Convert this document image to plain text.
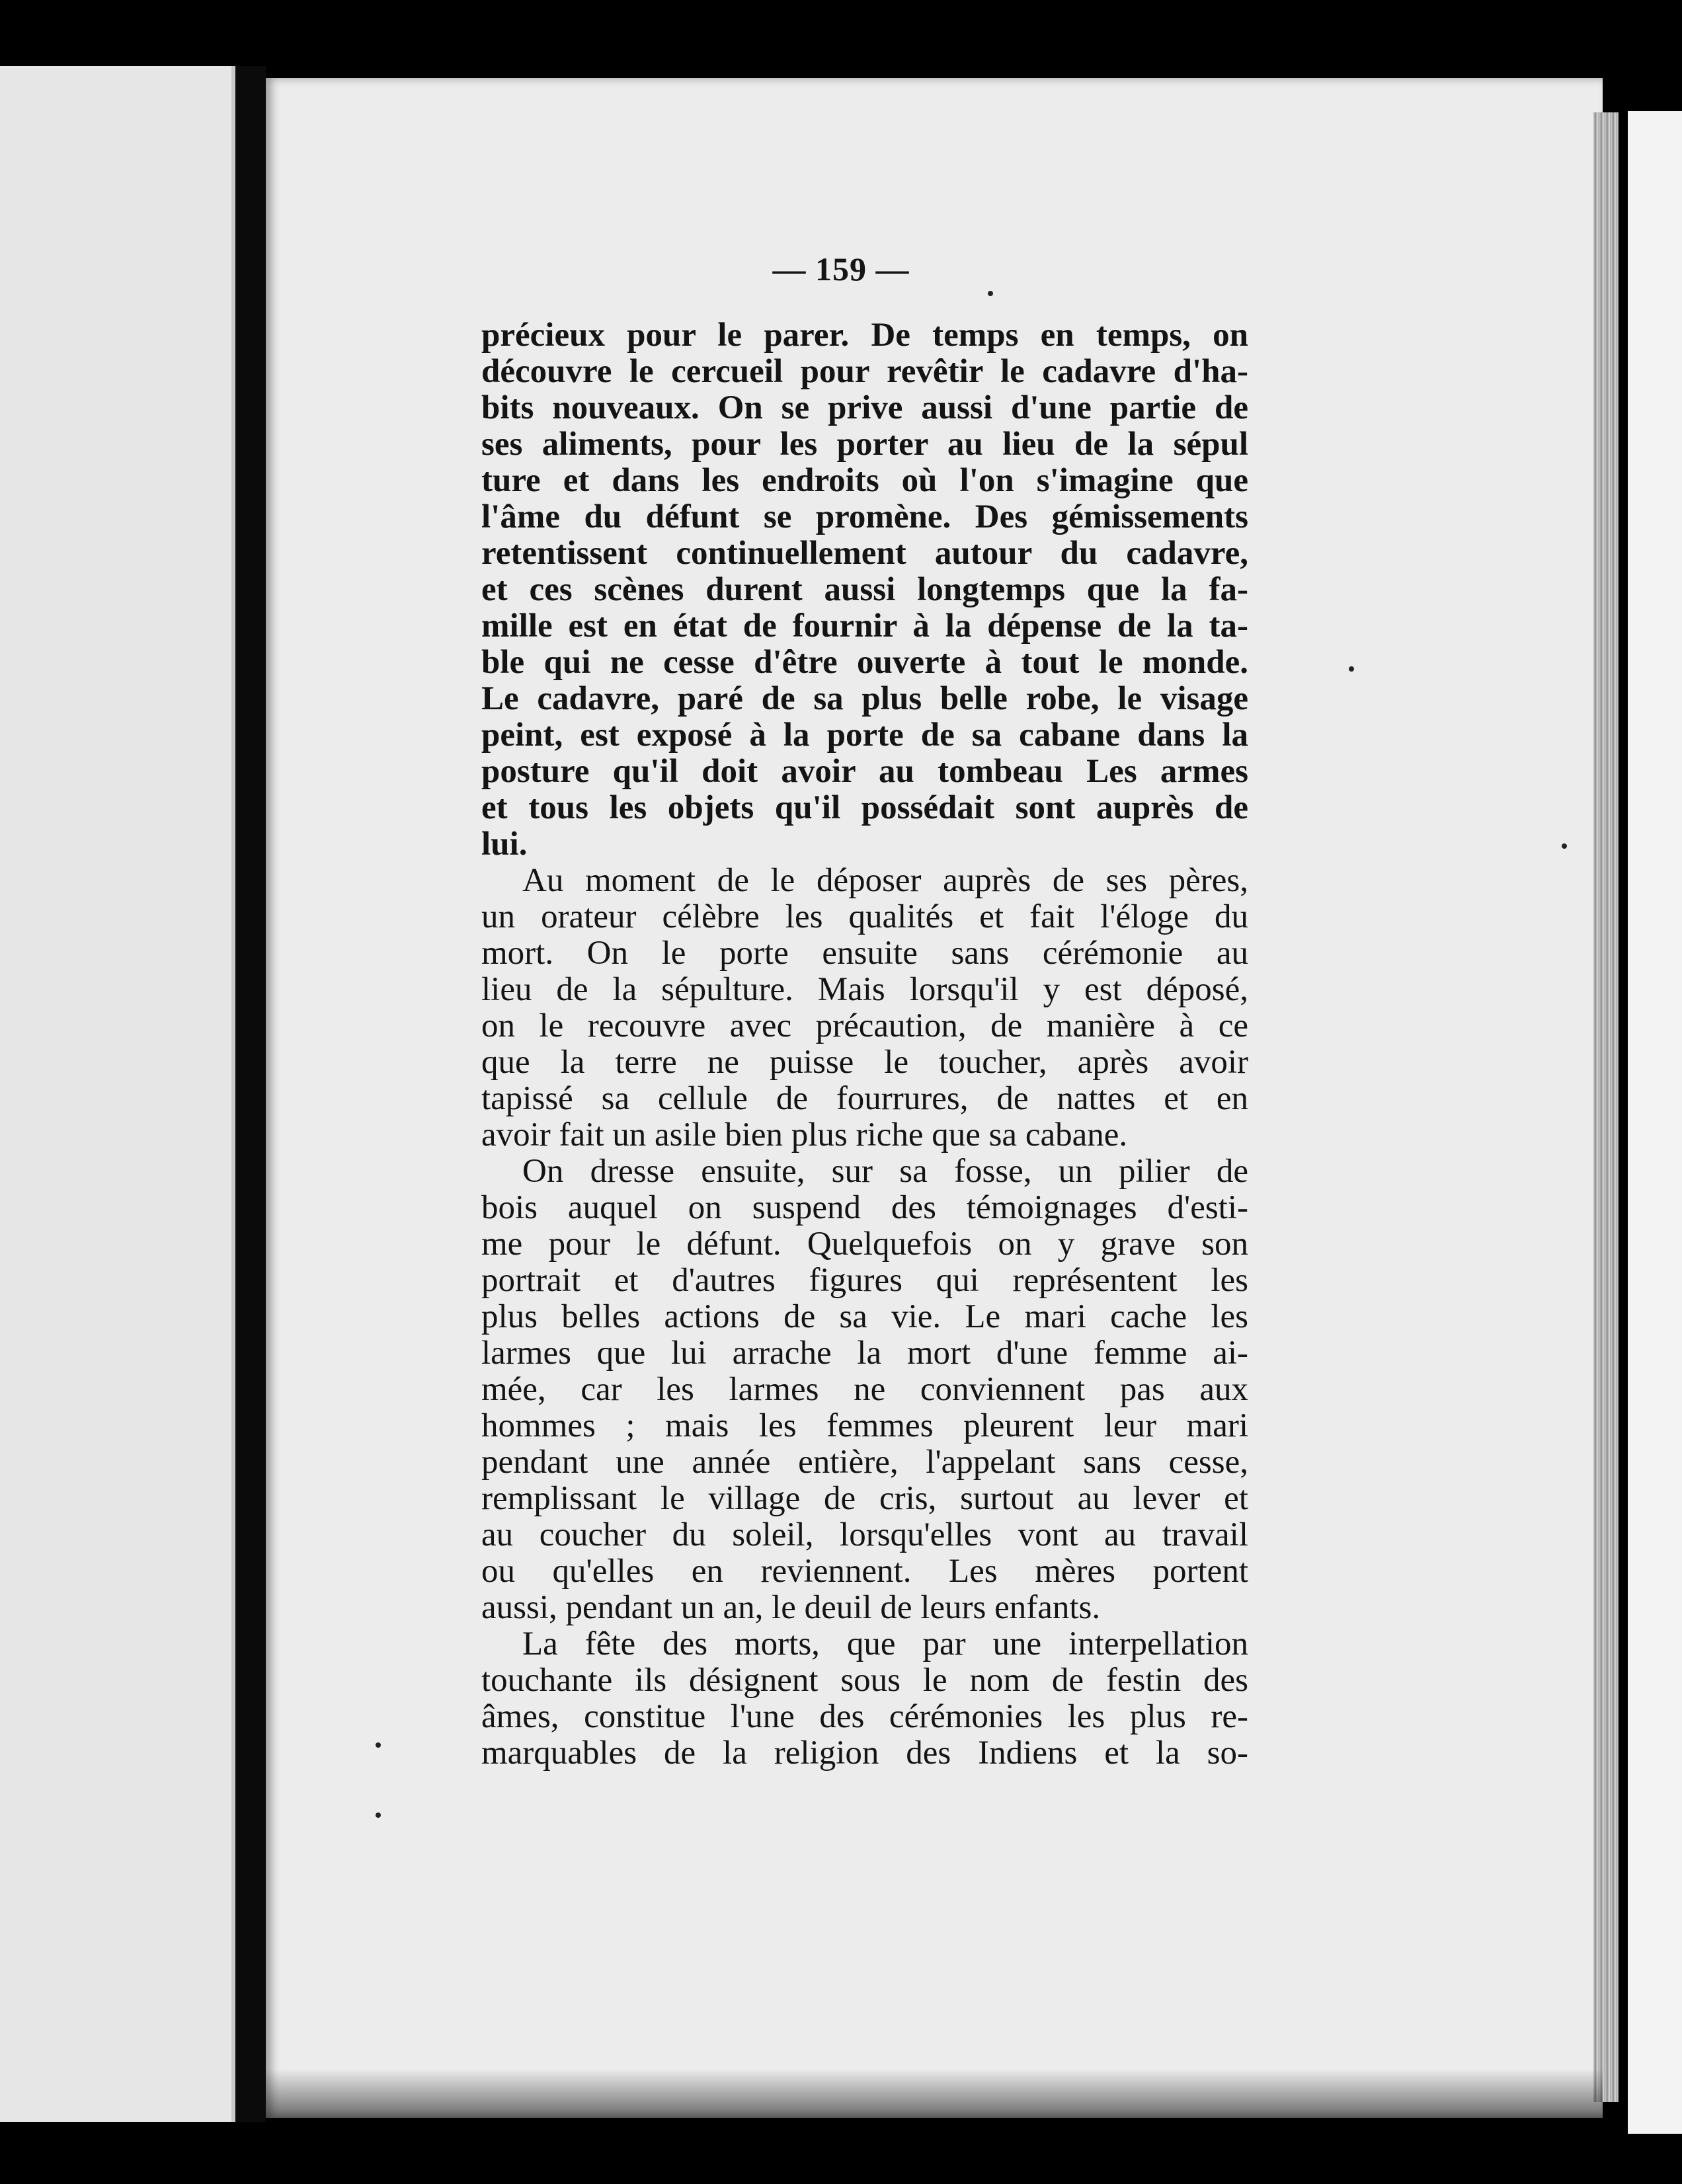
— 159 —

précieux pour le parer. De temps en temps, on
découvre le cercueil pour revêtir le cadavre d'ha-
bits nouveaux. On se prive aussi d'une partie de
ses aliments, pour les porter au lieu de la sépul
ture et dans les endroits où l'on s'imagine que
l'âme du défunt se promène. Des gémissements
retentissent continuellement autour du cadavre,
et ces scènes durent aussi longtemps que la fa-
mille est en état de fournir à la dépense de la ta-
ble qui ne cesse d'être ouverte à tout le monde.
Le cadavre, paré de sa plus belle robe, le visage
peint, est exposé à la porte de sa cabane dans la
posture qu'il doit avoir au tombeau Les armes
et tous les objets qu'il possédait sont auprès de
lui.

Au moment de le déposer auprès de ses pères,
un orateur célèbre les qualités et fait l'éloge du
mort. On le porte ensuite sans cérémonie au
lieu de la sépulture. Mais lorsqu'il y est déposé,
on le recouvre avec précaution, de manière à ce
que la terre ne puisse le toucher, après avoir
tapissé sa cellule de fourrures, de nattes et en
avoir fait un asile bien plus riche que sa cabane.

On dresse ensuite, sur sa fosse, un pilier de
bois auquel on suspend des témoignages d'esti-
me pour le défunt. Quelquefois on y grave son
portrait et d'autres figures qui représentent les
plus belles actions de sa vie. Le mari cache les
larmes que lui arrache la mort d'une femme ai-
mée, car les larmes ne conviennent pas aux
hommes ; mais les femmes pleurent leur mari
pendant une année entière, l'appelant sans cesse,
remplissant le village de cris, surtout au lever et
au coucher du soleil, lorsqu'elles vont au travail
ou qu'elles en reviennent. Les mères portent
aussi, pendant un an, le deuil de leurs enfants.

La fête des morts, que par une interpellation
touchante ils désignent sous le nom de festin des
âmes, constitue l'une des cérémonies les plus re-
marquables de la religion des Indiens et la so-
